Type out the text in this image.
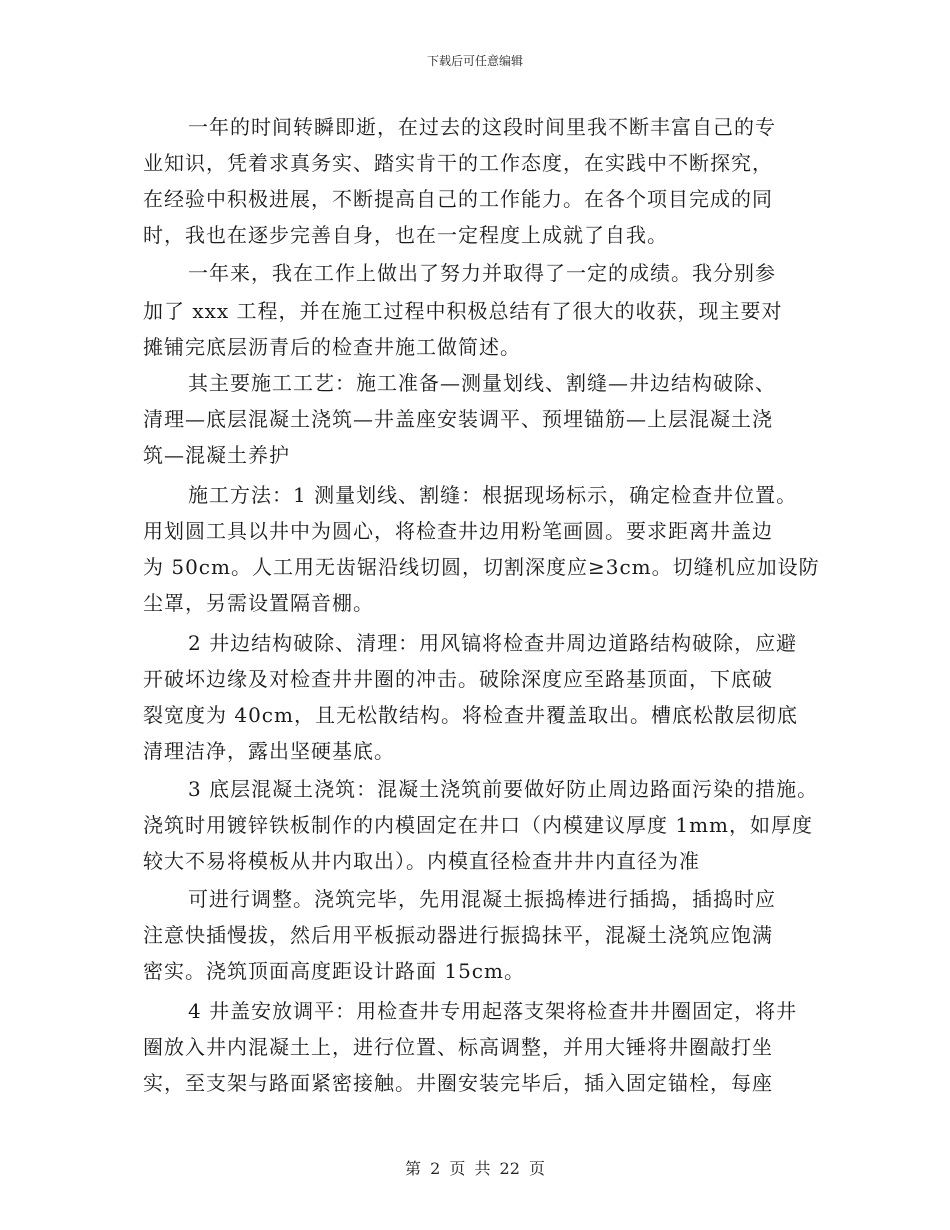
下载后可任意编辑
一年的时间转瞬即逝，在过去的这段时间里我不断丰富自己的专
业知识，凭着求真务实、踏实肯干的工作态度，在实践中不断探究，
在经验中积极进展，不断提高自己的工作能力。在各个项目完成的同
时，我也在逐步完善自身，也在一定程度上成就了自我。
一年来，我在工作上做出了努力并取得了一定的成绩。我分别参
加了 xxx 工程，并在施工过程中积极总结有了很大的收获，现主要对
摊铺完底层沥青后的检查井施工做简述。
其主要施工工艺：施工准备—测量划线、割缝—井边结构破除、
清理—底层混凝土浇筑—井盖座安装调平、预埋锚筋—上层混凝土浇
筑—混凝土养护
施工方法：1 测量划线、割缝：根据现场标示，确定检查井位置。
用划圆工具以井中为圆心，将检查井边用粉笔画圆。要求距离井盖边
为 50cm。人工用无齿锯沿线切圆，切割深度应≥3cm。切缝机应加设防
尘罩，另需设置隔音棚。
2 井边结构破除、清理：用风镐将检查井周边道路结构破除，应避
开破坏边缘及对检查井井圈的冲击。破除深度应至路基顶面，下底破
裂宽度为 40cm，且无松散结构。将检查井覆盖取出。槽底松散层彻底
清理洁净，露出坚硬基底。
3 底层混凝土浇筑：混凝土浇筑前要做好防止周边路面污染的措施。
浇筑时用镀锌铁板制作的内模固定在井口（内模建议厚度 1mm，如厚度
较大不易将模板从井内取出）。内模直径检查井井内直径为准
可进行调整。浇筑完毕，先用混凝土振捣棒进行插捣，插捣时应
注意快插慢拔，然后用平板振动器进行振捣抹平，混凝土浇筑应饱满
密实。浇筑顶面高度距设计路面 15cm。
4 井盖安放调平：用检查井专用起落支架将检查井井圈固定，将井
圈放入井内混凝土上，进行位置、标高调整，并用大锤将井圈敲打坐
实，至支架与路面紧密接触。井圈安装完毕后，插入固定锚栓，每座
第 2 页 共 22 页
